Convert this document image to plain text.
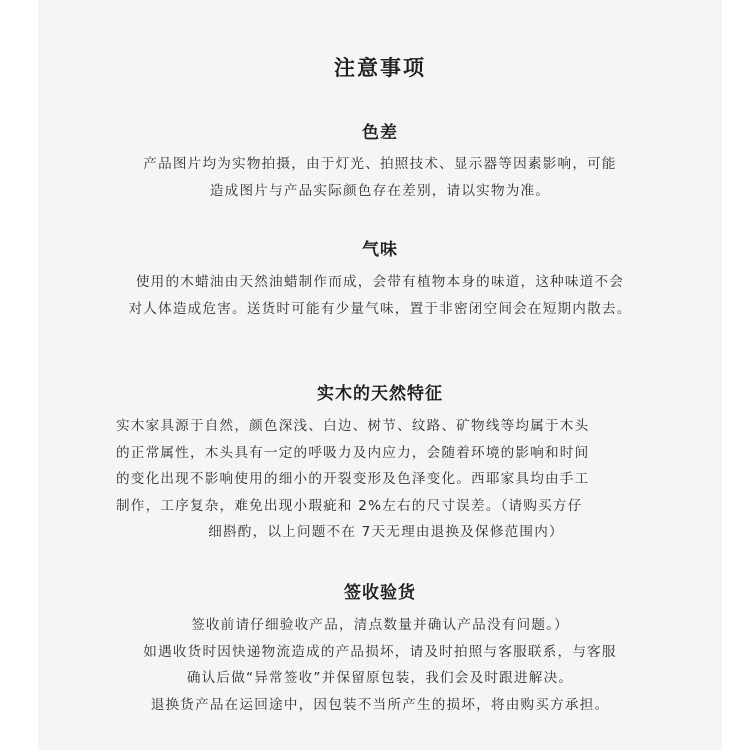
注意事项
色差
产品图片均为实物拍摄，由于灯光、拍照技术、显示器等因素影响，可能
造成图片与产品实际颜色存在差别，请以实物为准。
气味
使用的木蜡油由天然油蜡制作而成，会带有植物本身的味道，这种味道不会
对人体造成危害。送货时可能有少量气味，置于非密闭空间会在短期内散去。
实木的天然特征
实木家具源于自然，颜色深浅、白边、树节、纹路、矿物线等均属于木头
的正常属性，木头具有一定的呼吸力及内应力，会随着环境的影响和时间
的变化出现不影响使用的细小的开裂变形及色泽变化。西耶家具均由手工
制作，工序复杂，难免出现小瑕疵和 2%左右的尺寸误差。（请购买方仔
细斟酌，以上问题不在 7天无理由退换及保修范围内）
签收验货
签收前请仔细验收产品，清点数量并确认产品没有问题。）
如遇收货时因快递物流造成的产品损坏，请及时拍照与客服联系，与客服
确认后做“异常签收”并保留原包装，我们会及时跟进解决。
退换货产品在运回途中，因包装不当所产生的损坏，将由购买方承担。
